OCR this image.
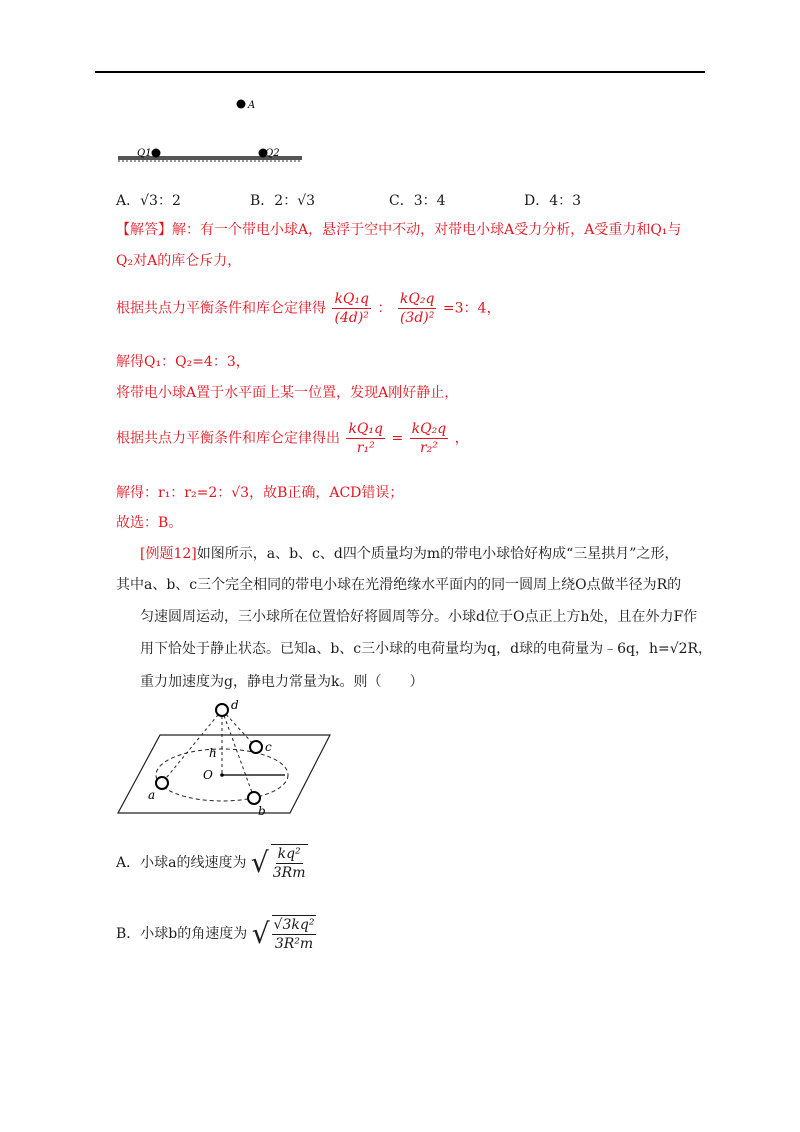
A
Q1	Q2
A．√3：2	B．2：√3	C．3：4	D．4：3
【解答】解：有一个带电小球A，悬浮于空中不动，对带电小球A受力分析，A受重力和Q₁与
Q₂对A的库仑斥力，
根据共点力平衡条件和库仑定律得 $\frac{\text{kQ₁q}}{\text{(4d)²}}$ ： $\frac{\text{kQ₂q}}{\text{(3d)²}} =3$：4，
解得Q₁：Q₂=4：3，
将带电小球A置于水平面上某一位置，发现A刚好静止，
根据共点力平衡条件和库仑定律得出 $\frac{\text{kQ₁q}}{\text{r₁²}} = \frac{\text{kQ₂q}}{\text{r₂²}}$ ，
解得：r₁：r₂=2：√3，故B正确，ACD错误；
故选：B。
[例题12]如图所示，a、b、c、d四个质量均为m的带电小球恰好构成“三星拱月”之形，
其中a、b、c三个完全相同的带电小球在光滑绝缘水平面内的同一圆周上绕O点做半径为R的
匀速圆周运动，三小球所在位置恰好将圆周等分。小球d位于O点正上方h处，且在外力F作
用下恰处于静止状态。已知a、b、c三小球的电荷量均为q，d球的电荷量为﹣6q，h=√2R，
重力加速度为g，静电力常量为k。则（　　）
d
c
h
O
a
b
A．小球a的线速度为 √ $\frac{\text{kq²}}{3Rm}$
B．小球b的角速度为 √ $\frac{\text{√3kq²}}{\text{3R²m}}$
